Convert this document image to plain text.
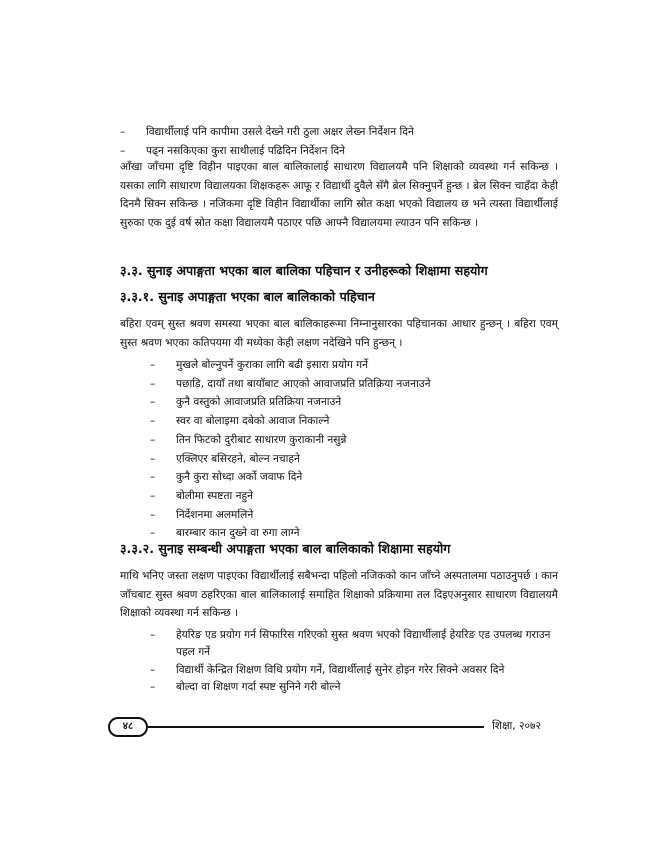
–	विद्यार्थीलाई पनि कापीमा उसले देख्ने गरी ठुला अक्षर लेख्न निर्देशन दिने
–	पढ्न नसकिएका कुरा साथीलाई पढिदिन निर्देशन दिने

आँखा जाँचमा दृष्टि विहीन पाइएका बाल बालिकालाई साधारण विद्यालयमै पनि शिक्षाको व्यवस्था गर्न सकिन्छ । यसका लागि साधारण विद्यालयका शिक्षकहरू आफू र विद्यार्थी दुवैले सँगै ब्रेल सिक्नुपर्ने हुन्छ । ब्रेल सिक्न चाहँदा केही दिनमै सिक्न सकिन्छ । नजिकमा दृष्टि विहीन विद्यार्थीका लागि स्रोत कक्षा भएको विद्यालय छ भने त्यस्ता विद्यार्थीलाई सुरुका एक दुई वर्ष स्रोत कक्षा विद्यालयमै पठाएर पछि आफ्नै विद्यालयमा ल्याउन पनि सकिन्छ ।

३.३. सुनाइ अपाङ्गता भएका बाल बालिका पहिचान र उनीहरूको शिक्षामा सहयोग
३.३.१. सुनाइ अपाङ्गता भएका बाल बालिकाको पहिचान

बहिरा एवम् सुस्त श्रवण समस्या भएका बाल बालिकाहरूमा निम्नानुसारका पहिचानका आधार हुन्छन् । बहिरा एवम् सुस्त श्रवण भएका कतिपयमा यी मध्येका केही लक्षण नदेखिने पनि हुन्छन् ।

–	मुखले बोल्नुपर्ने कुराका लागि बढी इसारा प्रयोग गर्ने
–	पछाडि, दायाँ तथा बायाँबाट आएको आवाजप्रति प्रतिक्रिया नजनाउने
–	कुनै वस्तुको आवाजप्रति प्रतिक्रिया नजनाउने
–	स्वर वा बोलाइमा दबेको आवाज निकाल्ने
–	तिन फिटको दुरीबाट साधारण कुराकानी नसुन्ने
–	एक्लिएर बसिरहने, बोल्न नचाहने
–	कुनै कुरा सोध्दा अर्को जवाफ दिने
–	बोलीमा स्पष्टता नहुने
–	निर्देशनमा अलमलिने
–	बारम्बार कान दुख्ने वा रुगा लाग्ने
३.३.२. सुनाइ सम्बन्धी अपाङ्गता भएका बाल बालिकाको शिक्षामा सहयोग

माथि भनिए जस्ता लक्षण पाइएका विद्यार्थीलाई सबैभन्दा पहिलो नजिकको कान जाँच्ने अस्पतालमा पठाउनुपर्छ । कान जाँचबाट सुस्त श्रवण ठहरिएका बाल बालिकालाई समाहित शिक्षाको प्रक्रियामा तल दिइएअनुसार साधारण विद्यालयमै शिक्षाको व्यवस्था गर्न सकिन्छ ।

–	हेयरिङ एड प्रयोग गर्न सिफारिस गरिएको सुस्त श्रवण भएको विद्यार्थीलाई हेयरिङ एड उपलब्ध गराउन पहल गर्ने
–	विद्यार्थी केन्द्रित शिक्षण विधि प्रयोग गर्ने, विद्यार्थीलाई सुनेर होइन गरेर सिक्ने अवसर दिने
–	बोल्दा वा शिक्षण गर्दा स्पष्ट सुनिने गरी बोल्ने
४८	शिक्षा, २०७२
